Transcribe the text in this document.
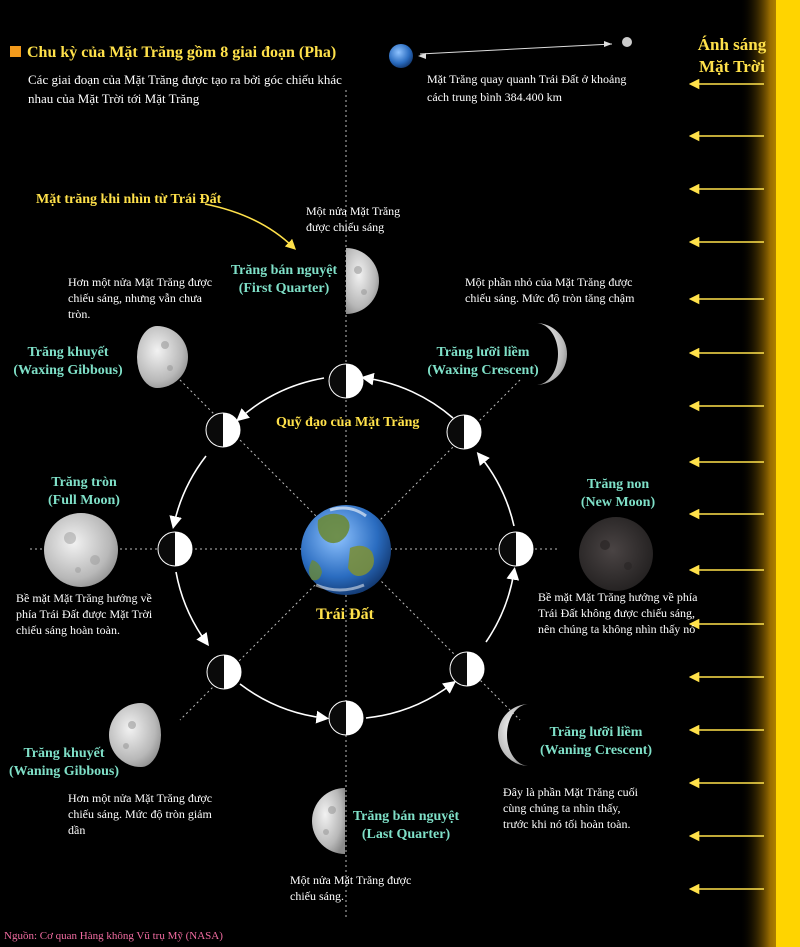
Chu kỳ của Mặt Trăng gồm 8 giai đoạn (Pha)
Các giai đoạn của Mặt Trăng được tạo ra bởi góc chiếu khác nhau của Mặt Trời tới Mặt Trăng
Mặt Trăng quay quanh Trái Đất ở khoảng cách trung bình 384.400 km
Ánh sáng
Mặt Trời
Mặt trăng khi nhìn từ Trái Đất
Quỹ đạo của Mặt Trăng
Trái Đất
Một nửa Mặt Trăng được chiếu sáng
Trăng bán nguyệt
(First Quarter)	Một phần nhỏ của Mặt Trăng được chiếu sáng. Mức độ tròn tăng chậm
Trăng lưỡi liềm
(Waxing Crescent)
Hơn một nửa Mặt Trăng được chiếu sáng, nhưng vẫn chưa tròn.
Trăng khuyết
(Waxing Gibbous)
Trăng tròn
(Full Moon)
Bề mặt Mặt Trăng hướng về phía Trái Đất được Mặt Trời chiếu sáng hoàn toàn.
Trăng non
(New Moon)
Bề mặt Mặt Trăng hướng về phía Trái Đất không được chiếu sáng, nên chúng ta không nhìn thấy nó
Trăng khuyết
(Waning Gibbous)
Hơn một nửa Mặt Trăng được chiếu sáng. Mức độ tròn giảm dần
Trăng lưỡi liềm
(Waning Crescent)
Đây là phần Mặt Trăng cuối cùng chúng ta nhìn thấy, trước khi nó tối hoàn toàn.
Trăng bán nguyệt
(Last Quarter)
Một nửa Mặt Trăng được chiếu sáng.
Nguồn: Cơ quan Hàng không Vũ trụ Mỹ (NASA)
